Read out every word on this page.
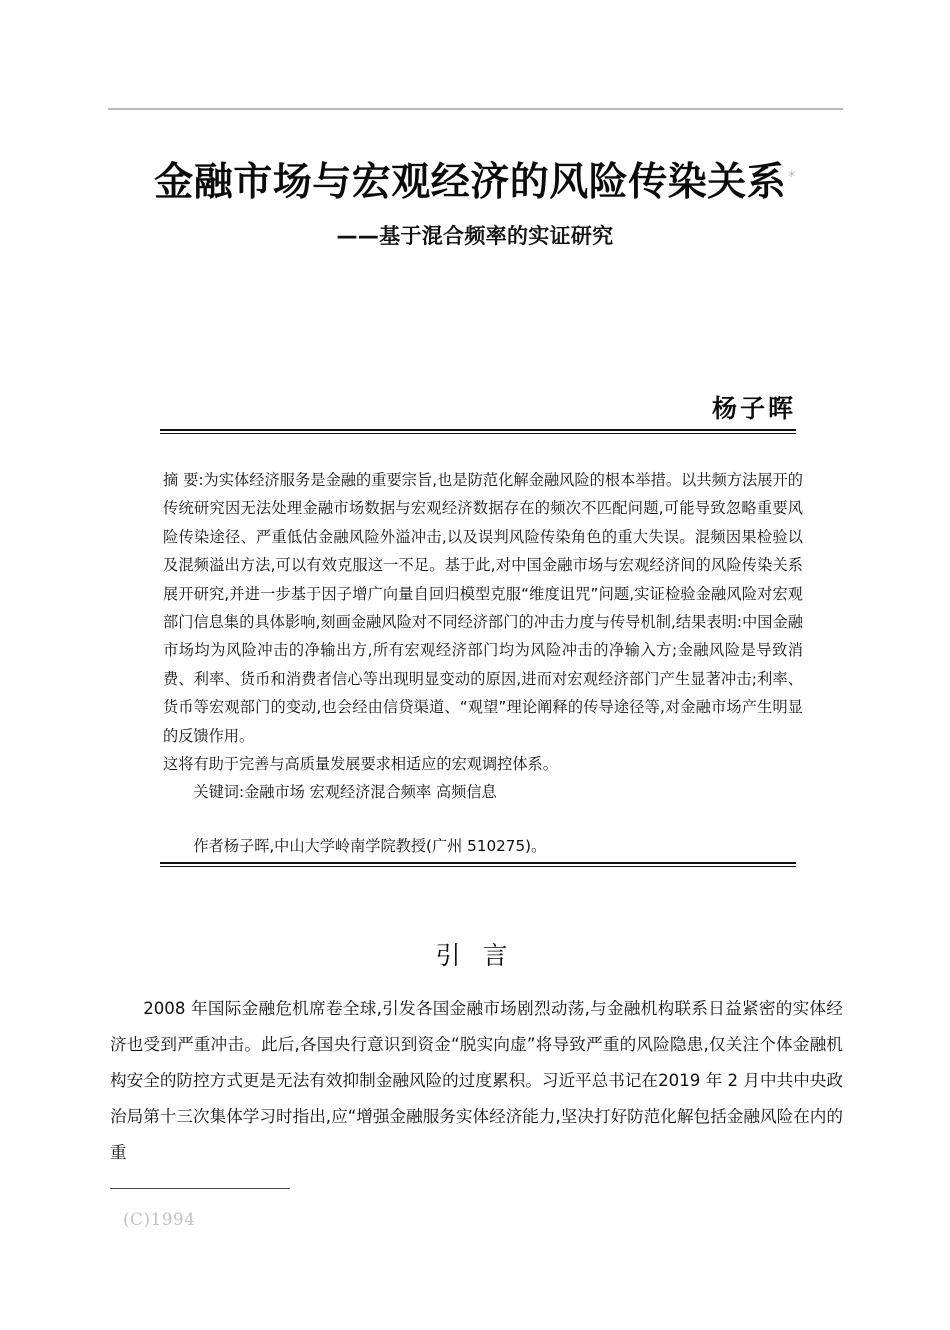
金融市场与宏观经济的风险传染关系 *
——基于混合频率的实证研究
杨子晖

摘 要:为实体经济服务是金融的重要宗旨,也是防范化解金融风险的根本举措。以共频方法展开的传统研究因无法处理金融市场数据与宏观经济数据存在的频次不匹配问题,可能导致忽略重要风险传染途径、严重低估金融风险外溢冲击,以及误判风险传染角色的重大失误。混频因果检验以及混频溢出方法,可以有效克服这一不足。基于此,对中国金融市场与宏观经济间的风险传染关系展开研究,并进一步基于因子增广向量自回归模型克服“维度诅咒”问题,实证检验金融风险对宏观部门信息集的具体影响,刻画金融风险对不同经济部门的冲击力度与传导机制,结果表明:中国金融市场均为风险冲击的净输出方,所有宏观经济部门均为风险冲击的净输入方;金融风险是导致消费、利率、货币和消费者信心等出现明显变动的原因,进而对宏观经济部门产生显著冲击;利率、货币等宏观部门的变动,也会经由信贷渠道、“观望”理论阐释的传导途径等,对金融市场产生明显的反馈作用。

这将有助于完善与高质量发展要求相适应的宏观调控体系。

关键词:金融市场 宏观经济混合频率 高频信息

作者杨子晖,中山大学岭南学院教授(广州 510275)。
引 言

2008 年国际金融危机席卷全球,引发各国金融市场剧烈动荡,与金融机构联系日益紧密的实体经济也受到严重冲击。此后,各国央行意识到资金“脱实向虚”将导致严重的风险隐患,仅关注个体金融机构安全的防控方式更是无法有效抑制金融风险的过度累积。习近平总书记在2019 年 2 月中共中央政治局第十三次集体学习时指出,应“增强金融服务实体经济能力,坚决打好防范化解包括金融风险在内的重

(C)1994
